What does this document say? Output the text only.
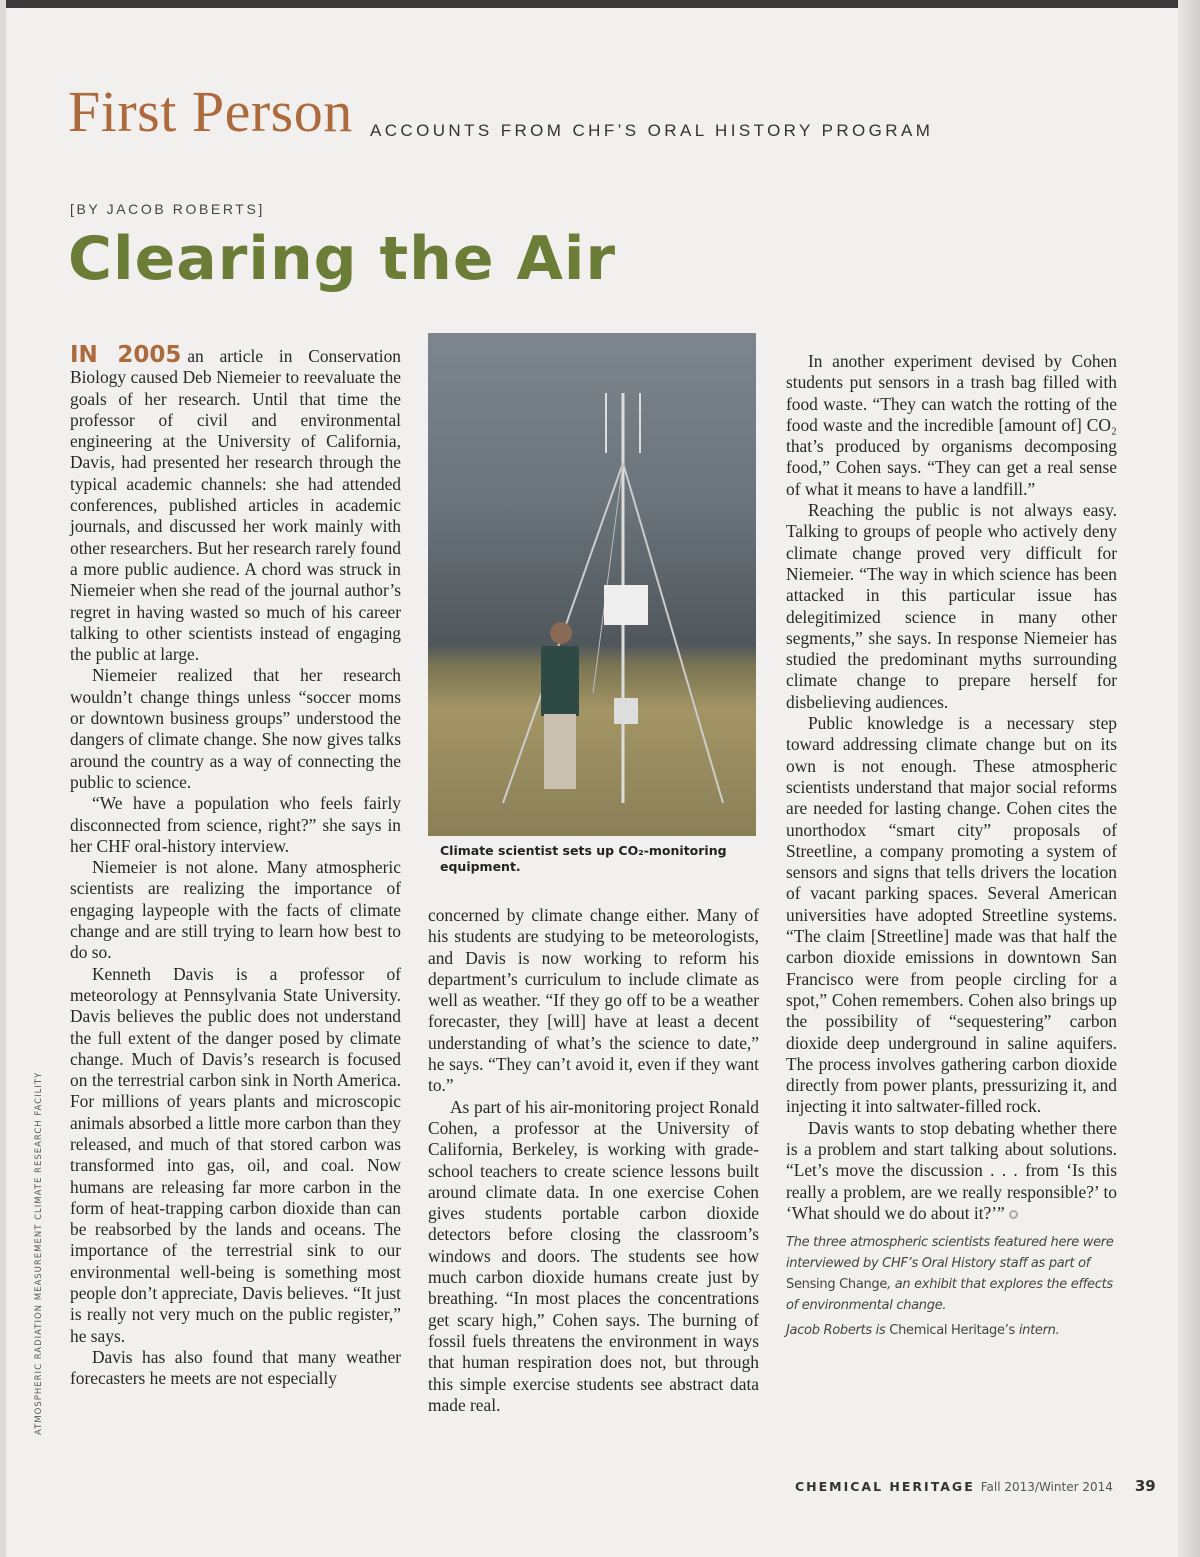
First Person ACCOUNTS FROM CHF’S ORAL HISTORY PROGRAM
[BY JACOB ROBERTS]
Clearing the Air

IN 2005 an article in Conservation Biology caused Deb Niemeier to reevaluate the goals of her research. Until that time the professor of civil and environmental engineering at the University of California, Davis, had presented her research through the typical academic channels: she had attended conferences, published articles in academic journals, and discussed her work mainly with other researchers. But her research rarely found a more public audience. A chord was struck in Niemeier when she read of the journal author’s regret in having wasted so much of his career talking to other scientists instead of engaging the public at large.

Niemeier realized that her research wouldn’t change things unless “soccer moms or downtown business groups” understood the dangers of climate change. She now gives talks around the country as a way of connecting the public to science.

“We have a population who feels fairly disconnected from science, right?” she says in her CHF oral-history interview.

Niemeier is not alone. Many atmospheric scientists are realizing the importance of engaging laypeople with the facts of climate change and are still trying to learn how best to do so.

Kenneth Davis is a professor of meteorology at Pennsylvania State University. Davis believes the public does not understand the full extent of the danger posed by climate change. Much of Davis’s research is focused on the terrestrial carbon sink in North America. For millions of years plants and microscopic animals absorbed a little more carbon than they released, and much of that stored carbon was transformed into gas, oil, and coal. Now humans are releasing far more carbon in the form of heat-trapping carbon dioxide than can be reabsorbed by the lands and oceans. The importance of the terrestrial sink to our environmental well-being is something most people don’t appreciate, Davis believes. “It just is really not very much on the public register,” he says.

Davis has also found that many weather forecasters he meets are not especially

Climate scientist sets up CO₂-monitoring equipment.

concerned by climate change either. Many of his students are studying to be meteorologists, and Davis is now working to reform his department’s curriculum to include climate as well as weather. “If they go off to be a weather forecaster, they [will] have at least a decent understanding of what’s the science to date,” he says. “They can’t avoid it, even if they want to.”

As part of his air-monitoring project Ronald Cohen, a professor at the University of California, Berkeley, is working with grade-school teachers to create science lessons built around climate data. In one exercise Cohen gives students portable carbon dioxide detectors before closing the classroom’s windows and doors. The students see how much carbon dioxide humans create just by breathing. “In most places the concentrations get scary high,” Cohen says. The burning of fossil fuels threatens the environment in ways that human respiration does not, but through this simple exercise students see abstract data made real.

In another experiment devised by Cohen students put sensors in a trash bag filled with food waste. “They can watch the rotting of the food waste and the incredible [amount of] CO₂ that’s produced by organisms decomposing food,” Cohen says. “They can get a real sense of what it means to have a landfill.”

Reaching the public is not always easy. Talking to groups of people who actively deny climate change proved very difficult for Niemeier. “The way in which science has been attacked in this particular issue has delegitimized science in many other segments,” she says. In response Niemeier has studied the predominant myths surrounding climate change to prepare herself for disbelieving audiences.

Public knowledge is a necessary step toward addressing climate change but on its own is not enough. These atmospheric scientists understand that major social reforms are needed for lasting change. Cohen cites the unorthodox “smart city” proposals of Streetline, a company promoting a system of sensors and signs that tells drivers the location of vacant parking spaces. Several American universities have adopted Streetline systems. “The claim [Streetline] made was that half the carbon dioxide emissions in downtown San Francisco were from people circling for a spot,” Cohen remembers. Cohen also brings up the possibility of “sequestering” carbon dioxide deep underground in saline aquifers. The process involves gathering carbon dioxide directly from power plants, pressurizing it, and injecting it into saltwater-filled rock.

Davis wants to stop debating whether there is a problem and start talking about solutions. “Let’s move the discussion . . . from ‘Is this really a problem, are we really responsible?’ to ‘What should we do about it?’”

The three atmospheric scientists featured here were interviewed by CHF’s Oral History staff as part of Sensing Change, an exhibit that explores the effects of environmental change.

Jacob Roberts is Chemical Heritage’s intern.

ATMOSPHERIC RADIATION MEASUREMENT CLIMATE RESEARCH FACILITY
CHEMICAL HERITAGE Fall 2013/Winter 2014 39
